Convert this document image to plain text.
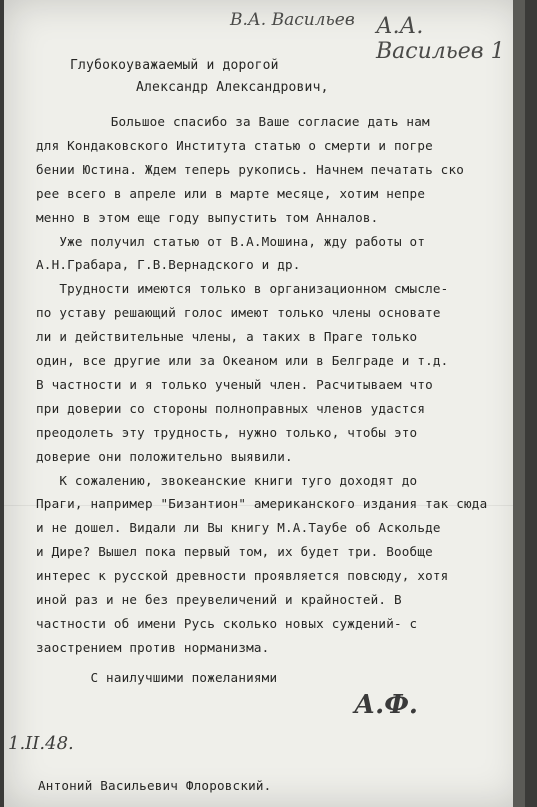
В.А. Васильев А.А. Васильев 1
Глубокоуважаемый и дорогой
Александр Александрович,
Большое спасибо за Ваше согласие дать нам
для Кондаковского Института статью о смерти и погре
бении Юстина. Ждем теперь рукопись. Начнем печатать ско
рее всего в апреле или в марте месяце, хотим непре
менно в этом еще году выпустить том Анналов.
Уже получил статью от В.А.Мошина, жду работы от
А.Н.Грабара, Г.В.Вернадского и др.
Трудности имеются только в организационном смысле-
по уставу решающий голос имеют только члены основате
ли и действительные члены, а таких в Праге только
один, все другие или за Океаном или в Белграде и т.д.
В частности и я только ученый член. Расчитываем что
при доверии со стороны полноправных членов удастся
преодолеть эту трудность, нужно только, чтобы это
доверие они положительно выявили.
К сожалению, звокеанские книги туго доходят до
Праги, например "Бизантион" американского издания так сюда
и не дошел. Видали ли Вы книгу М.А.Таубе об Аскольде
и Дире? Вышел пока первый том, их будет три. Вообще
интерес к русской древности проявляется повсюду, хотя
иной раз и не без преувеличений и крайностей. В
частности об имени Русь сколько новых суждений- с
заострением против норманизма.
С наилучшими пожеланиями
А.Ф.
1.II.48.
Антоний Васильевич Флоровский.
